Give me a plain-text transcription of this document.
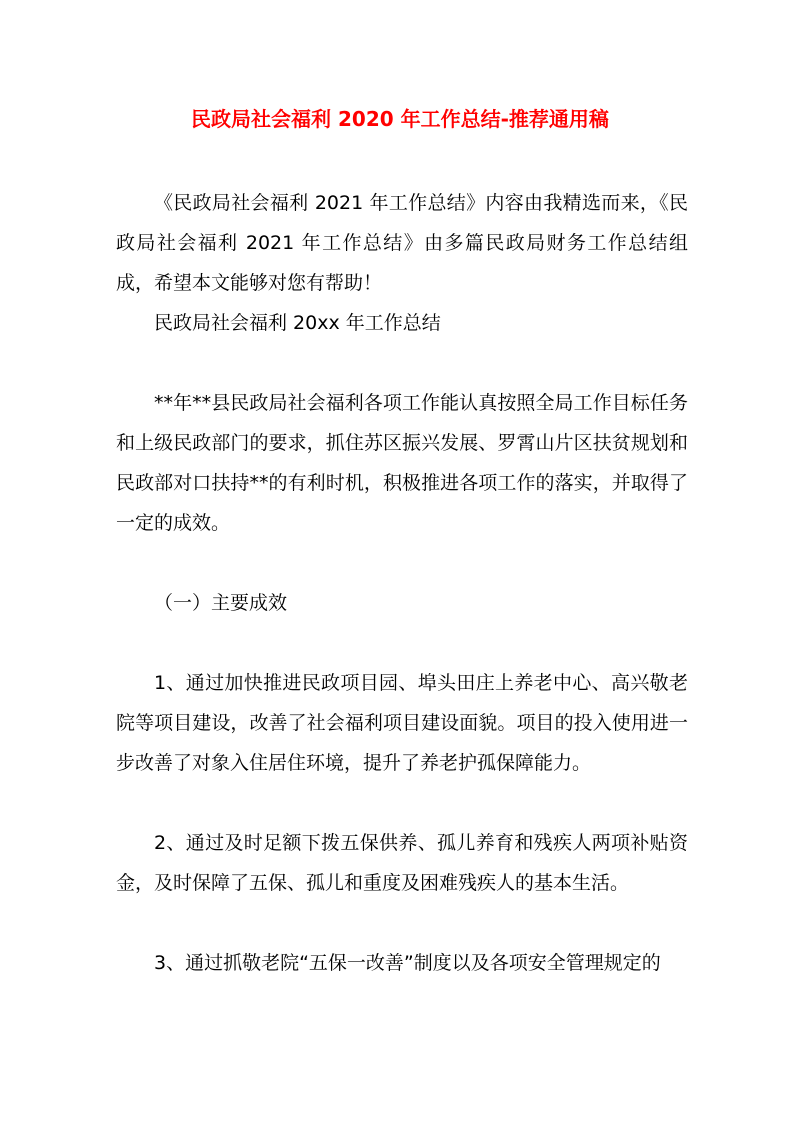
民政局社会福利 2020 年工作总结-推荐通用稿

《民政局社会福利 2021 年工作总结》内容由我精选而来，《民政局社会福利 2021 年工作总结》由多篇民政局财务工作总结组成，希望本文能够对您有帮助！

民政局社会福利 20xx 年工作总结

**年**县民政局社会福利各项工作能认真按照全局工作目标任务和上级民政部门的要求，抓住苏区振兴发展、罗霄山片区扶贫规划和民政部对口扶持**的有利时机，积极推进各项工作的落实，并取得了一定的成效。

（一）主要成效

1、通过加快推进民政项目园、埠头田庄上养老中心、高兴敬老院等项目建设，改善了社会福利项目建设面貌。项目的投入使用进一步改善了对象入住居住环境，提升了养老护孤保障能力。

2、通过及时足额下拨五保供养、孤儿养育和残疾人两项补贴资金，及时保障了五保、孤儿和重度及困难残疾人的基本生活。

3、通过抓敬老院“五保一改善”制度以及各项安全管理规定的
